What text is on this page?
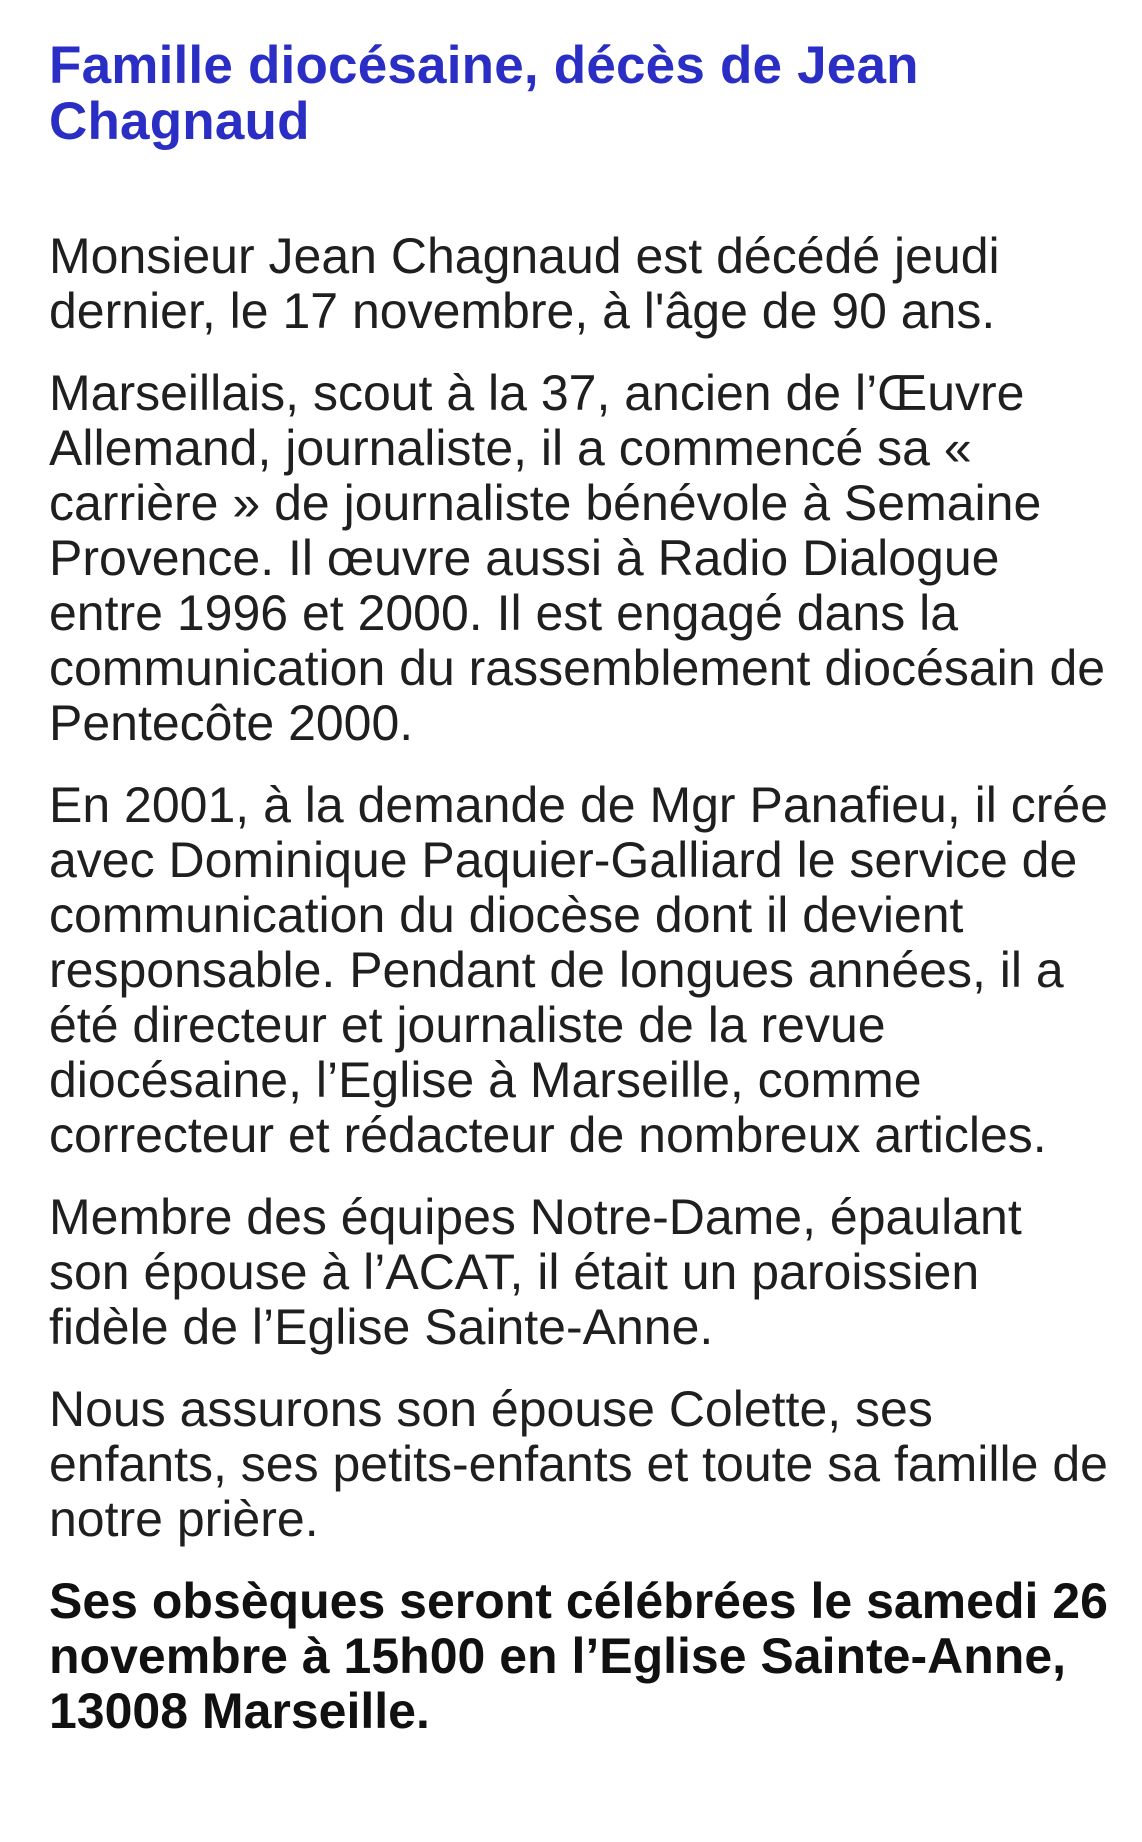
Famille diocésaine, décès de Jean Chagnaud

Monsieur Jean Chagnaud est décédé jeudi dernier, le 17 novembre, à l'âge de 90 ans.

Marseillais, scout à la 37, ancien de l’Œuvre Allemand, journaliste, il a commencé sa « carrière » de journaliste bénévole à Semaine Provence. Il œuvre aussi à Radio Dialogue entre 1996 et 2000. Il est engagé dans la communication du rassemblement diocésain de Pentecôte 2000.

En 2001, à la demande de Mgr Panafieu, il crée avec Dominique Paquier-Galliard le service de communication du diocèse dont il devient responsable. Pendant de longues années, il a été directeur et journaliste de la revue diocésaine, l’Eglise à Marseille, comme correcteur et rédacteur de nombreux articles.

Membre des équipes Notre-Dame, épaulant son épouse à l’ACAT, il était un paroissien fidèle de l’Eglise Sainte-Anne.

Nous assurons son épouse Colette, ses enfants, ses petits-enfants et toute sa famille de notre prière.

Ses obsèques seront célébrées le samedi 26 novembre à 15h00 en l’Eglise Sainte-Anne, 13008 Marseille.
